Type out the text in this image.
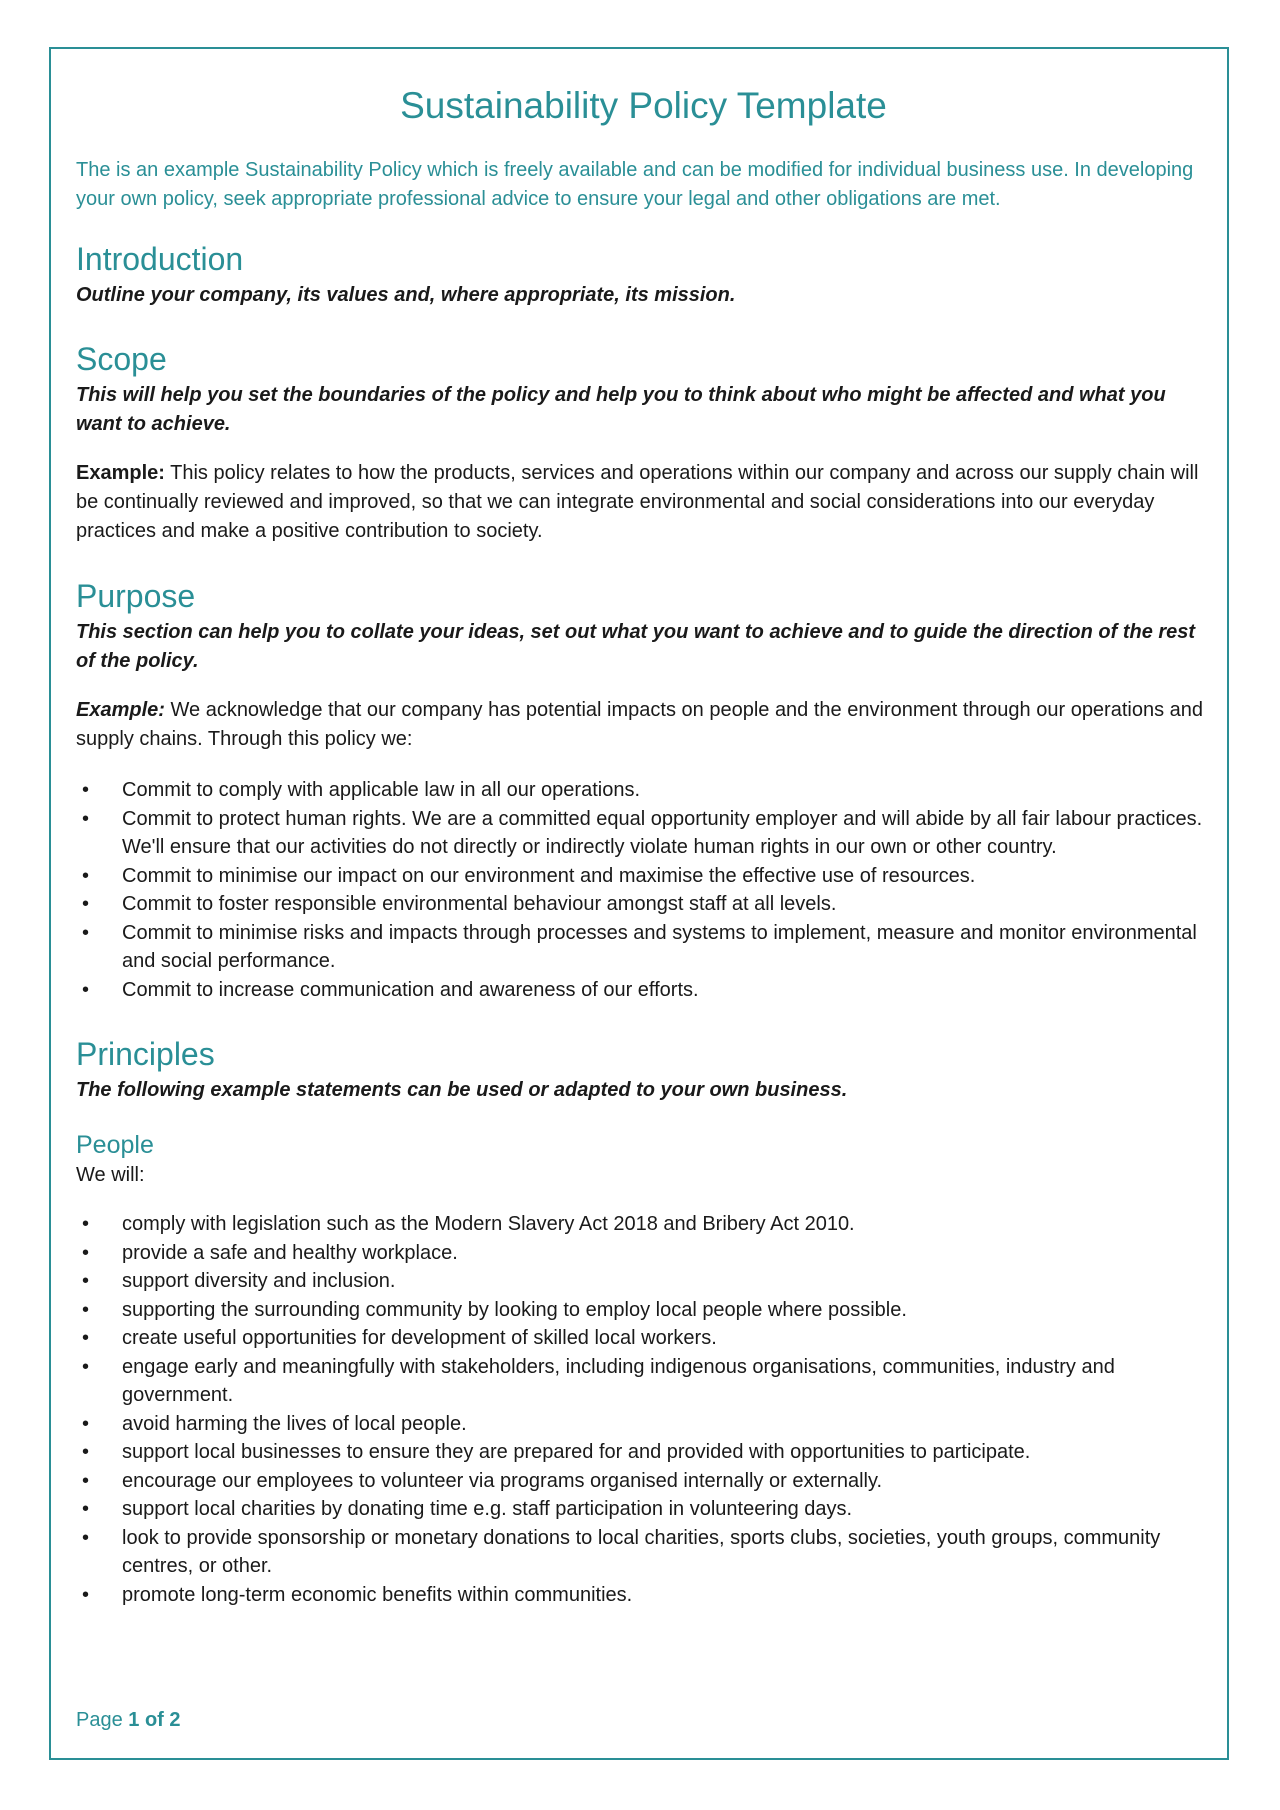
Sustainability Policy Template

The is an example Sustainability Policy which is freely available and can be modified for individual business use. In developing your own policy, seek appropriate professional advice to ensure your legal and other obligations are met.

Introduction

Outline your company, its values and, where appropriate, its mission.

Scope

This will help you set the boundaries of the policy and help you to think about who might be affected and what you want to achieve.

Example: This policy relates to how the products, services and operations within our company and across our supply chain will be continually reviewed and improved, so that we can integrate environmental and social considerations into our everyday practices and make a positive contribution to society.

Purpose

This section can help you to collate your ideas, set out what you want to achieve and to guide the direction of the rest of the policy.

Example: We acknowledge that our company has potential impacts on people and the environment through our operations and supply chains. Through this policy we:

• Commit to comply with applicable law in all our operations.
• Commit to protect human rights. We are a committed equal opportunity employer and will abide by all fair labour practices. We'll ensure that our activities do not directly or indirectly violate human rights in our own or other country.
• Commit to minimise our impact on our environment and maximise the effective use of resources.
• Commit to foster responsible environmental behaviour amongst staff at all levels.
• Commit to minimise risks and impacts through processes and systems to implement, measure and monitor environmental and social performance.
• Commit to increase communication and awareness of our efforts.
Principles

The following example statements can be used or adapted to your own business.

People

We will:

• comply with legislation such as the Modern Slavery Act 2018 and Bribery Act 2010.
• provide a safe and healthy workplace.
• support diversity and inclusion.
• supporting the surrounding community by looking to employ local people where possible.
• create useful opportunities for development of skilled local workers.
• engage early and meaningfully with stakeholders, including indigenous organisations, communities, industry and government.
• avoid harming the lives of local people.
• support local businesses to ensure they are prepared for and provided with opportunities to participate.
• encourage our employees to volunteer via programs organised internally or externally.
• support local charities by donating time e.g. staff participation in volunteering days.
• look to provide sponsorship or monetary donations to local charities, sports clubs, societies, youth groups, community centres, or other.
• promote long-term economic benefits within communities.
Page 1 of 2
